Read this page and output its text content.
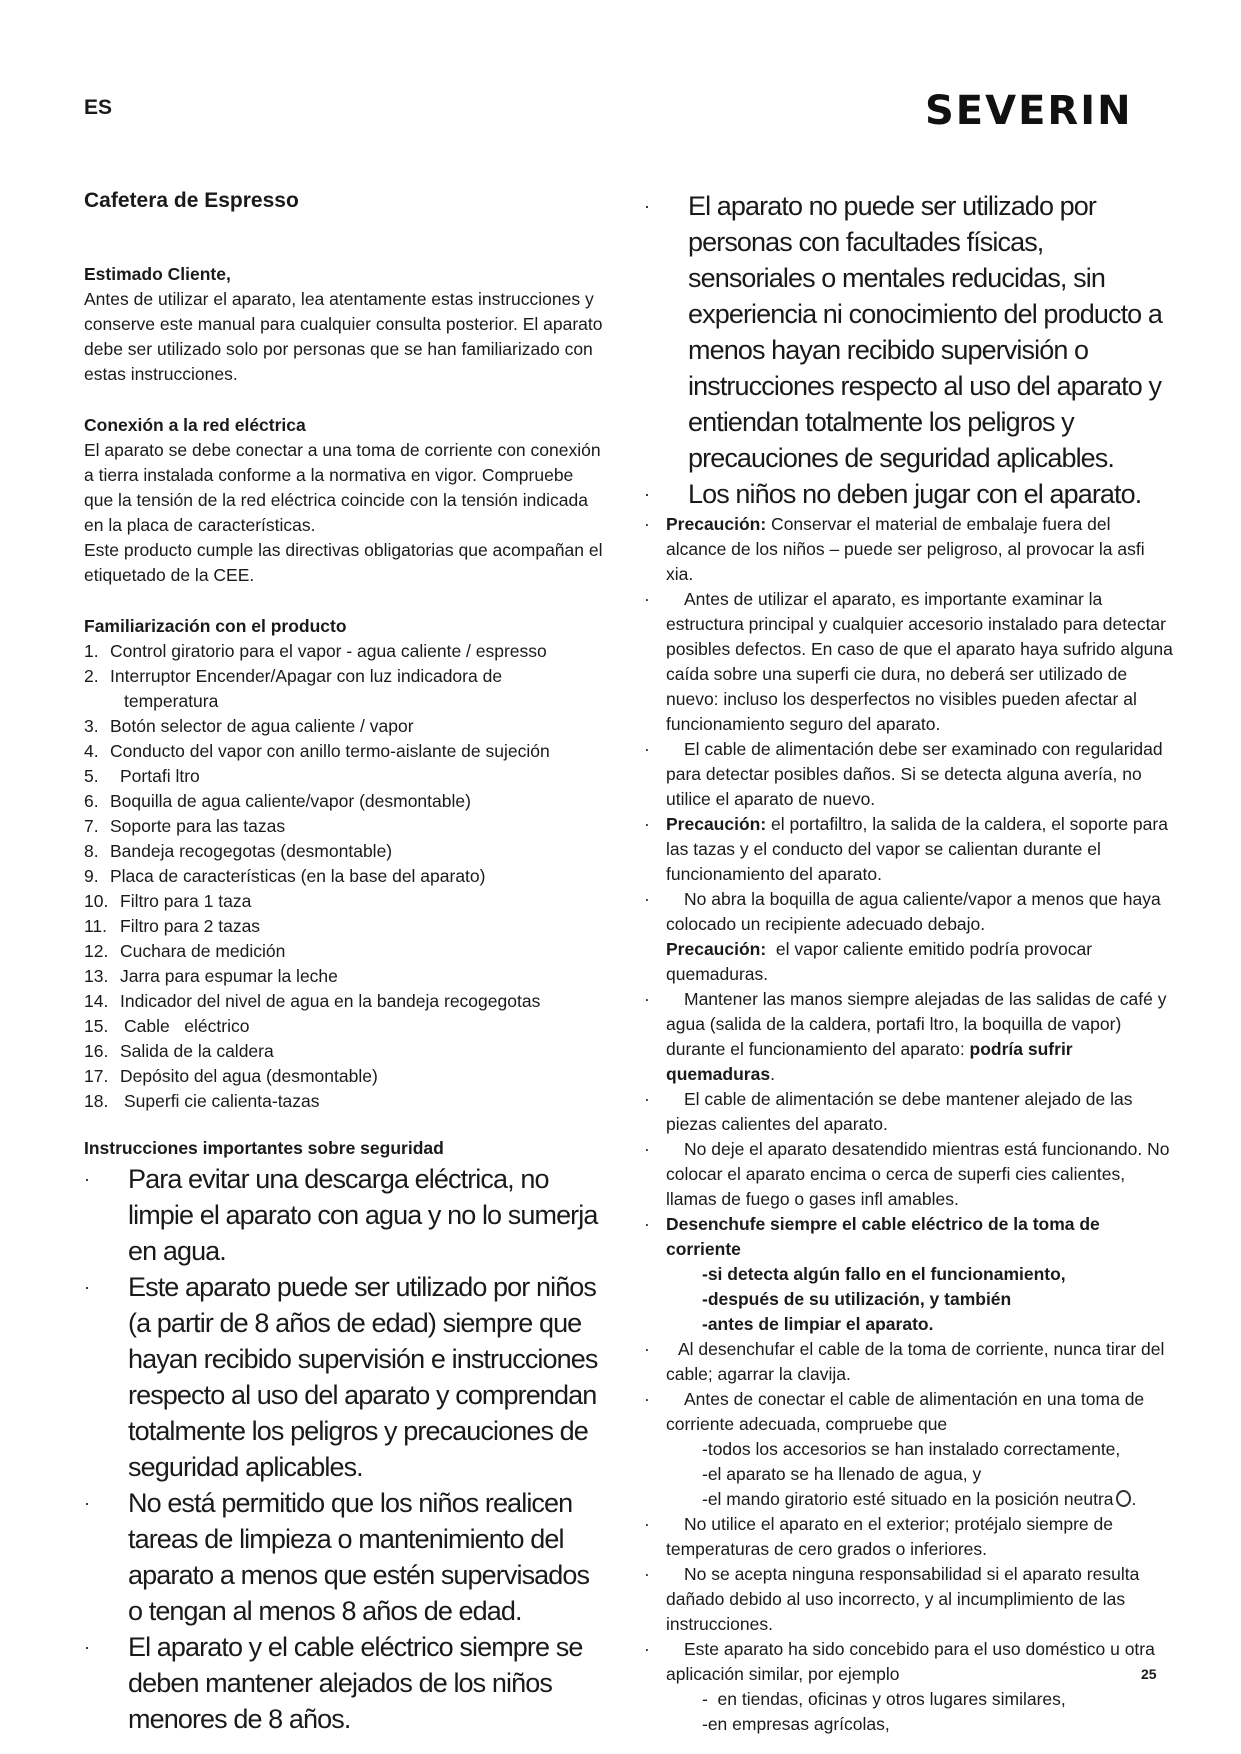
ES	SEVERIN
Cafetera de Espresso
Estimado Cliente,
Antes de utilizar el aparato, lea atentamente estas instrucciones y conserve este manual para cualquier consulta posterior. El aparato debe ser utilizado solo por personas que se han familiarizado con estas instrucciones.
Conexión a la red eléctrica
El aparato se debe conectar a una toma de corriente con conexión a tierra instalada conforme a la normativa en vigor. Compruebe que la tensión de la red eléctrica coincide con la tensión indicada en la placa de características.
Este producto cumple las directivas obligatorias que acompañan el etiquetado de la CEE.
Familiarización con el producto
1. Control giratorio para el vapor - agua caliente / espresso
2. Interruptor Encender/Apagar con luz indicadora de
temperatura
3. Botón selector de agua caliente / vapor
4. Conducto del vapor con anillo termo-aislante de sujeción
5. Portafi ltro
6. Boquilla de agua caliente/vapor (desmontable)
7. Soporte para las tazas
8. Bandeja recogegotas (desmontable)
9. Placa de características (en la base del aparato)
10. Filtro para 1 taza
11. Filtro para 2 tazas
12. Cuchara de medición
13. Jarra para espumar la leche
14. Indicador del nivel de agua en la bandeja recogegotas
15. Cable   eléctrico
16. Salida de la caldera
17. Depósito del agua (desmontable)
18. Superfi cie calienta-tazas
Instrucciones importantes sobre seguridad
· Para evitar una descarga eléctrica, no limpie el aparato con agua y no lo sumerja en agua.
· Este aparato puede ser utilizado por niños (a partir de 8 años de edad) siempre que hayan recibido supervisión e instrucciones respecto al uso del aparato y comprendan totalmente los peligros y precauciones de seguridad aplicables.
· No está permitido que los niños realicen tareas de limpieza o mantenimiento del aparato a menos que estén supervisados o tengan al menos 8 años de edad.
· El aparato y el cable eléctrico siempre se deben mantener alejados de los niños menores de 8 años.
· El aparato no puede ser utilizado por personas con facultades físicas, sensoriales o mentales reducidas, sin experiencia ni conocimiento del producto a menos hayan recibido supervisión o instrucciones respecto al uso del aparato y entiendan totalmente los peligros y precauciones de seguridad aplicables.
· Los niños no deben jugar con el aparato.
· Precaución: Conservar el material de embalaje fuera del alcance de los niños – puede ser peligroso, al provocar la asfi xia.
· Antes de utilizar el aparato, es importante examinar la estructura principal y cualquier accesorio instalado para detectar posibles defectos. En caso de que el aparato haya sufrido alguna caída sobre una superfi cie dura, no deberá ser utilizado de nuevo: incluso los desperfectos no visibles pueden afectar al funcionamiento seguro del aparato.
· El cable de alimentación debe ser examinado con regularidad para detectar posibles daños. Si se detecta alguna avería, no utilice el aparato de nuevo.
· Precaución: el portafiltro, la salida de la caldera, el soporte para las tazas y el conducto del vapor se calientan durante el funcionamiento del aparato.
· No abra la boquilla de agua caliente/vapor a menos que haya colocado un recipiente adecuado debajo.
Precaución:  el vapor caliente emitido podría provocar quemaduras.
· Mantener las manos siempre alejadas de las salidas de café y agua (salida de la caldera, portafi ltro, la boquilla de vapor) durante el funcionamiento del aparato: podría sufrir quemaduras.
· El cable de alimentación se debe mantener alejado de las piezas calientes del aparato.
· No deje el aparato desatendido mientras está funcionando. No colocar el aparato encima o cerca de superfi cies calientes, llamas de fuego o gases infl amables.
· Desenchufe siempre el cable eléctrico de la toma de corriente
-si detecta algún fallo en el funcionamiento,
-después de su utilización, y también
-antes de limpiar el aparato.
· Al desenchufar el cable de la toma de corriente, nunca tirar del cable; agarrar la clavija.
· Antes de conectar el cable de alimentación en una toma de corriente adecuada, compruebe que
-todos los accesorios se han instalado correctamente,
-el aparato se ha llenado de agua, y
-el mando giratorio esté situado en la posición neutra .
· No utilice el aparato en el exterior; protéjalo siempre de temperaturas de cero grados o inferiores.
· No se acepta ninguna responsabilidad si el aparato resulta dañado debido al uso incorrecto, y al incumplimiento de las instrucciones.
· Este aparato ha sido concebido para el uso doméstico u otra aplicación similar, por ejemplo
-  en tiendas, oficinas y otros lugares similares,
-en empresas agrícolas,
25
